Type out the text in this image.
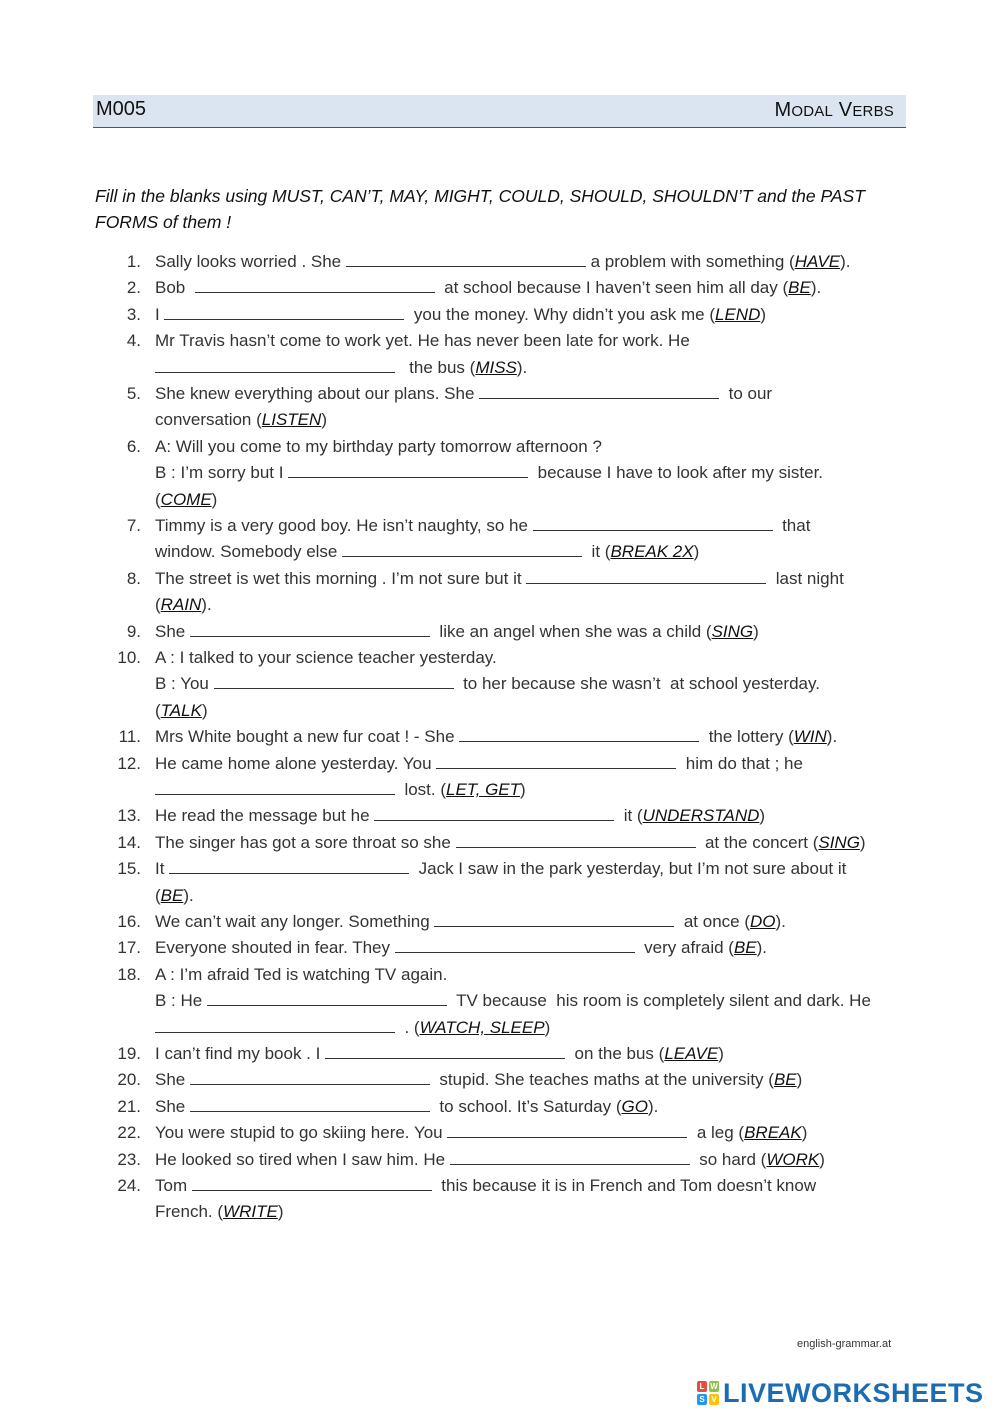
M005	MODAL VERBS
Fill in the blanks using MUST, CAN’T, MAY, MIGHT, COULD, SHOULD, SHOULDN’T and the PAST FORMS of them !
1. Sally looks worried . She	a problem with something (HAVE).
2. Bob	at school because I haven’t seen him all day (BE).
3. I	you the money. Why didn’t you ask me (LEND)
4. Mr Travis hasn’t come to work yet. He has never been late for work. He
the bus (MISS).
5. She knew everything about our plans. She	to our
conversation (LISTEN)
6. A: Will you come to my birthday party tomorrow afternoon ?
B : I’m sorry but I	because I have to look after my sister.
(COME)
7. Timmy is a very good boy. He isn’t naughty, so he	that
window. Somebody else	it (BREAK 2X)
8. The street is wet this morning . I’m not sure but it	last night
(RAIN).
9. She	like an angel when she was a child (SING)
10. A : I talked to your science teacher yesterday.
B : You	to her because she wasn’t  at school yesterday.
(TALK)
11. Mrs White bought a new fur coat ! - She	the lottery (WIN).
12. He came home alone yesterday. You	him do that ; he
lost. (LET, GET)
13. He read the message but he	it (UNDERSTAND)
14. The singer has got a sore throat so she	at the concert (SING)
15. It	Jack I saw in the park yesterday, but I’m not sure about it
(BE).
16. We can’t wait any longer. Something	at once (DO).
17. Everyone shouted in fear. They	very afraid (BE).
18. A : I’m afraid Ted is watching TV again.
B : He	TV because  his room is completely silent and dark. He
. (WATCH, SLEEP)
19. I can’t find my book . I	on the bus (LEAVE)
20. She	stupid. She teaches maths at the university (BE)
21. She	to school. It’s Saturday (GO).
22. You were stupid to go skiing here. You	a leg (BREAK)
23. He looked so tired when I saw him. He	so hard (WORK)
24. Tom	this because it is in French and Tom doesn’t know
French. (WRITE)
english-grammar.at
L W
S V LIVEWORKSHEETS
